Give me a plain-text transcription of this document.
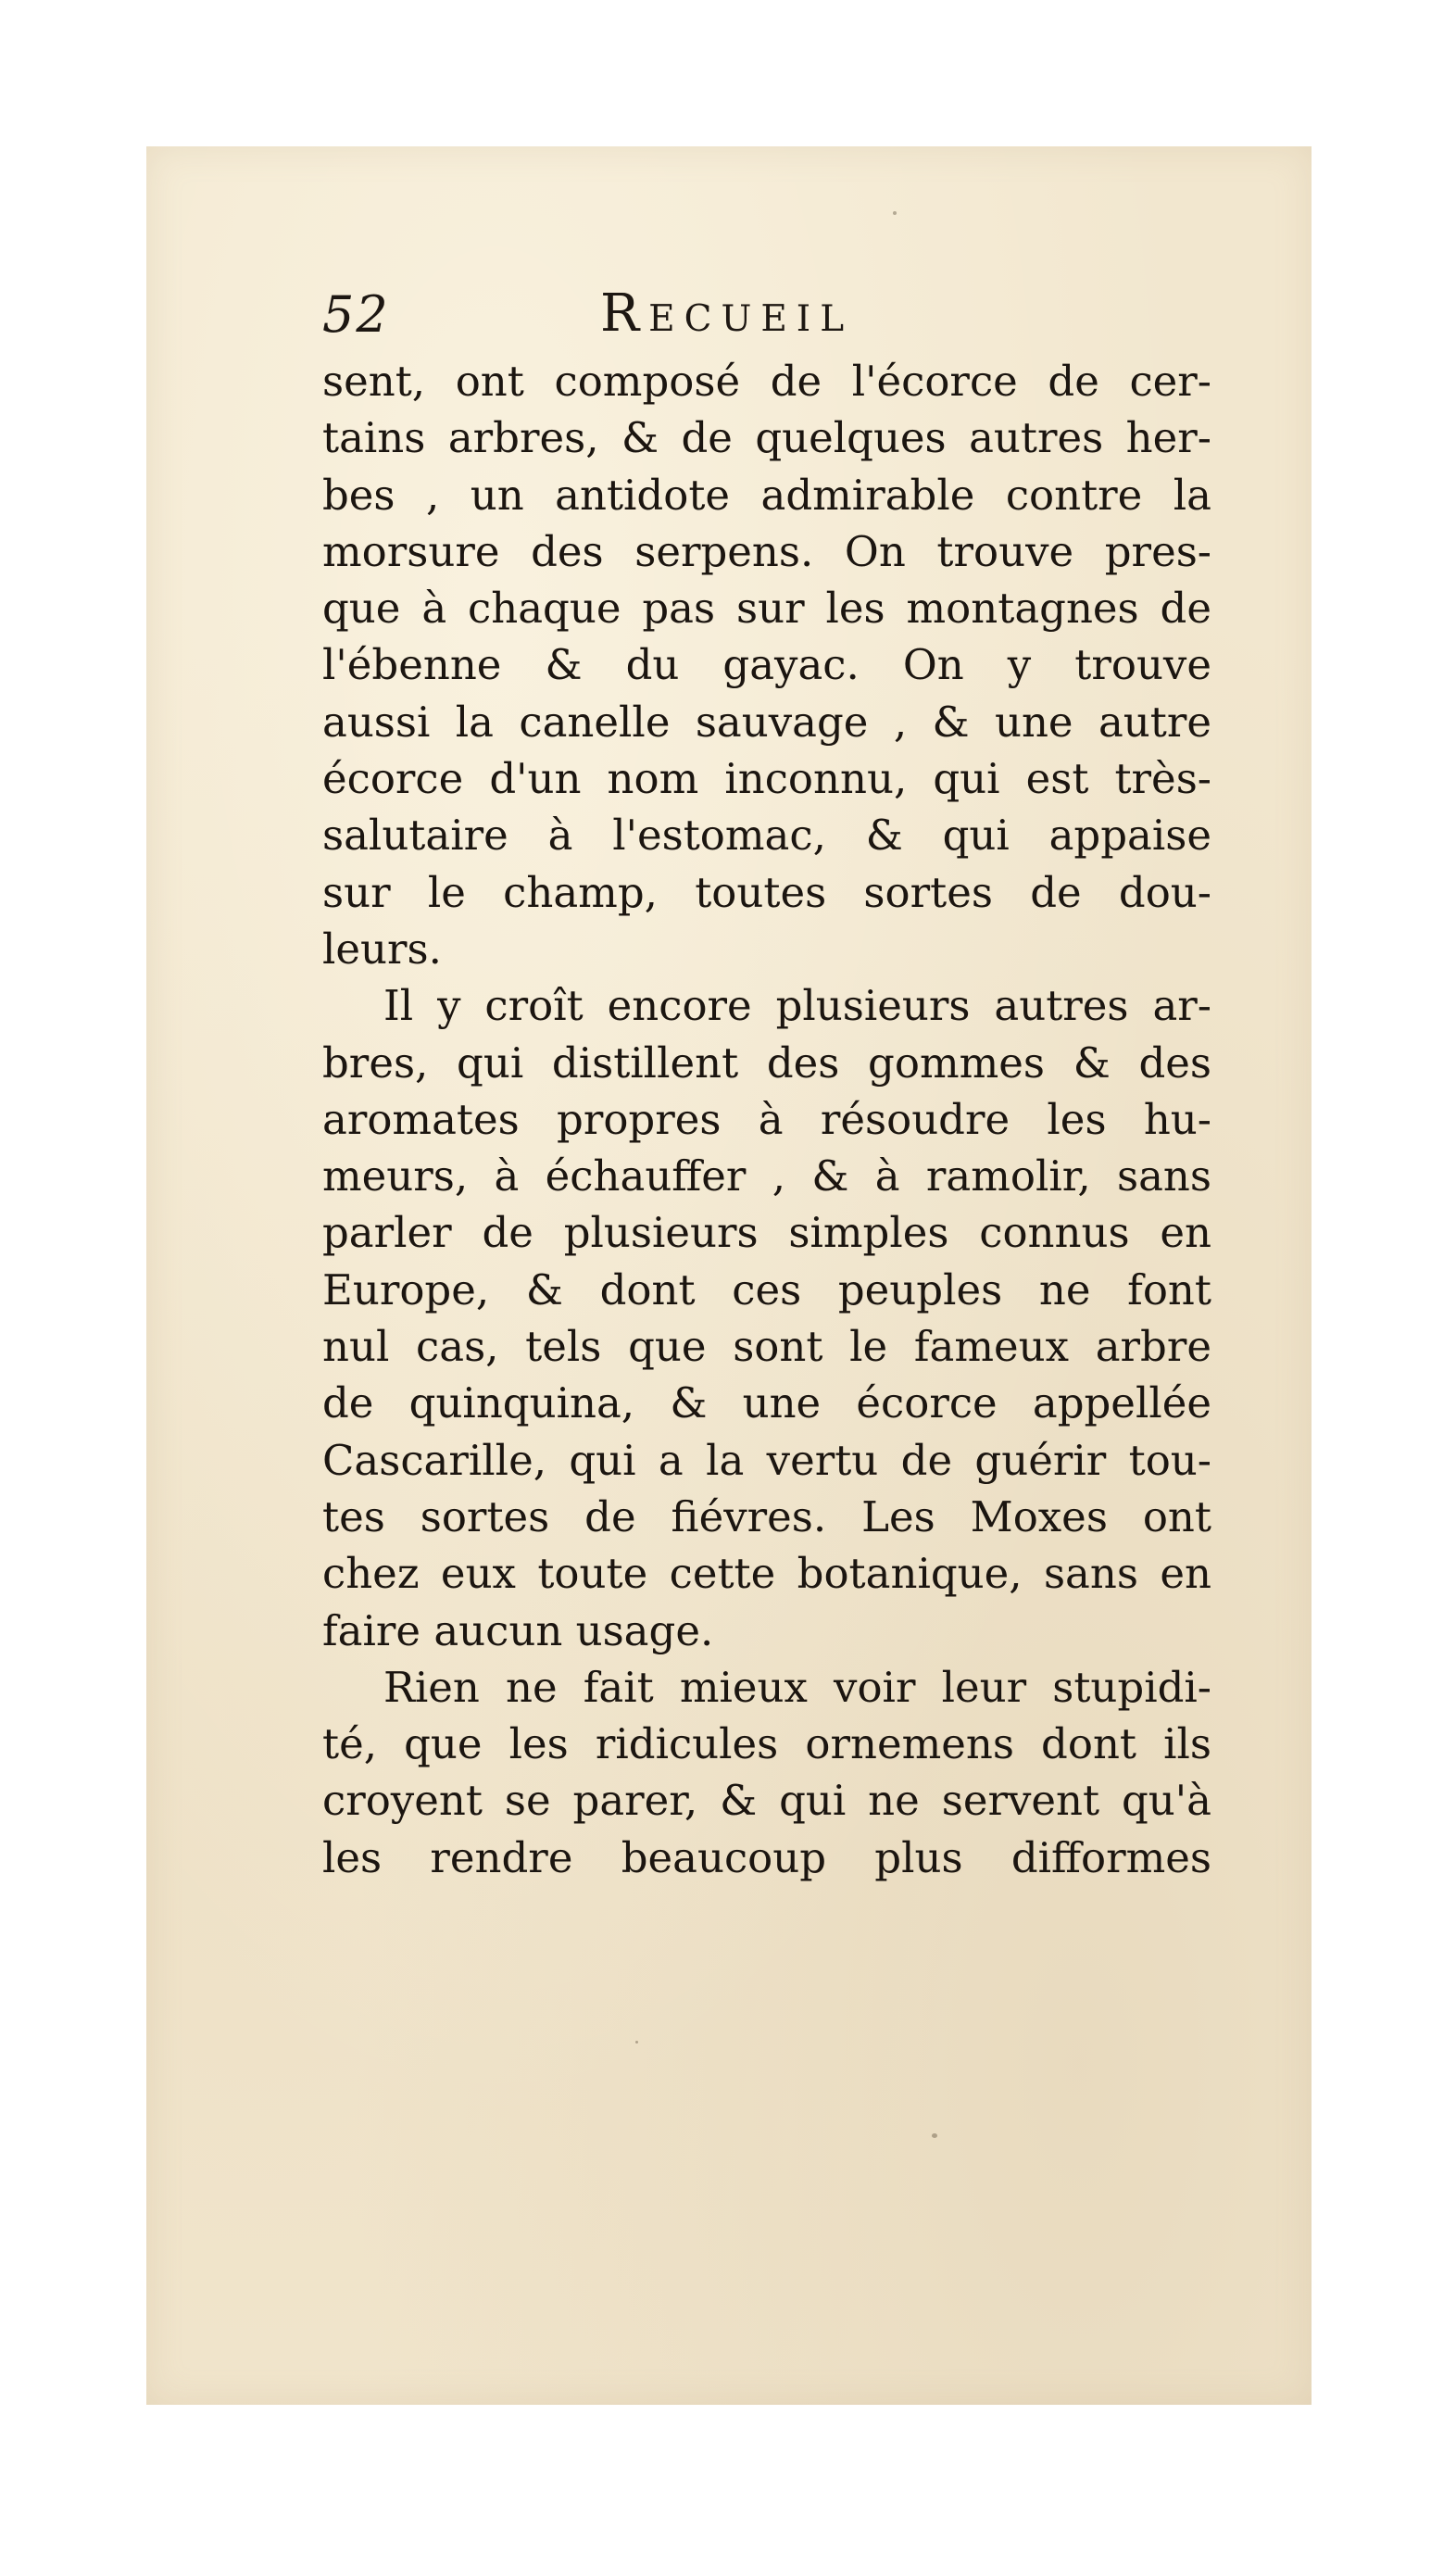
52	Recueil
sent, ont composé de l'écorce de cer-
tains arbres, & de quelques autres her-
bes , un antidote admirable contre la
morsure des serpens. On trouve pres-
que à chaque pas sur les montagnes de
l'ébenne & du gayac. On y trouve
aussi la canelle sauvage , & une autre
écorce d'un nom inconnu, qui est très-
salutaire à l'estomac, & qui appaise
sur le champ, toutes sortes de dou-
leurs.
Il y croît encore plusieurs autres ar-
bres, qui distillent des gommes & des
aromates propres à résoudre les hu-
meurs, à échauffer , & à ramolir, sans
parler de plusieurs simples connus en
Europe, & dont ces peuples ne font
nul cas, tels que sont le fameux arbre
de quinquina, & une écorce appellée
Cascarille, qui a la vertu de guérir tou-
tes sortes de fiévres. Les Moxes ont
chez eux toute cette botanique, sans en
faire aucun usage.
Rien ne fait mieux voir leur stupidi-
té, que les ridicules ornemens dont ils
croyent se parer, & qui ne servent qu'à
les rendre beaucoup plus difformes
